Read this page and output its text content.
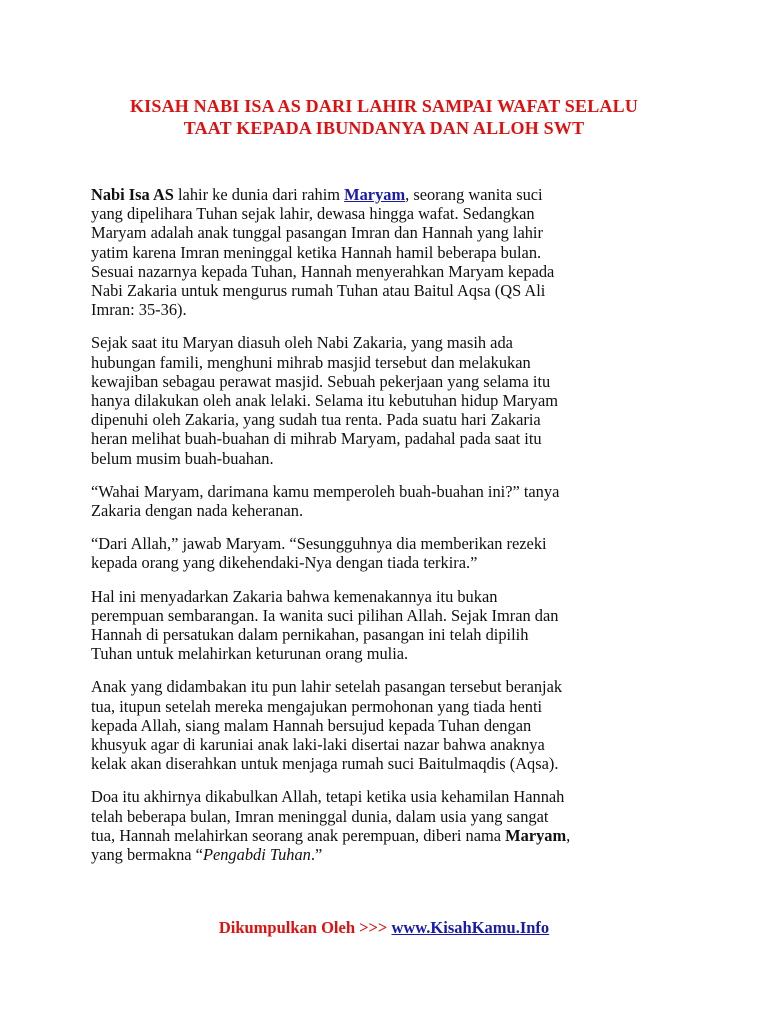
KISAH NABI ISA AS DARI LAHIR SAMPAI WAFAT SELALU
TAAT KEPADA IBUNDANYA DAN ALLOH SWT
Nabi Isa AS lahir ke dunia dari rahim Maryam, seorang wanita suci
yang dipelihara Tuhan sejak lahir, dewasa hingga wafat. Sedangkan
Maryam adalah anak tunggal pasangan Imran dan Hannah yang lahir
yatim karena Imran meninggal ketika Hannah hamil beberapa bulan.
Sesuai nazarnya kepada Tuhan, Hannah menyerahkan Maryam kepada
Nabi Zakaria untuk mengurus rumah Tuhan atau Baitul Aqsa (QS Ali
Imran: 35-36).
Sejak saat itu Maryan diasuh oleh Nabi Zakaria, yang masih ada
hubungan famili, menghuni mihrab masjid tersebut dan melakukan
kewajiban sebagau perawat masjid. Sebuah pekerjaan yang selama itu
hanya dilakukan oleh anak lelaki. Selama itu kebutuhan hidup Maryam
dipenuhi oleh Zakaria, yang sudah tua renta. Pada suatu hari Zakaria
heran melihat buah-buahan di mihrab Maryam, padahal pada saat itu
belum musim buah-buahan.
“Wahai Maryam, darimana kamu memperoleh buah-buahan ini?” tanya
Zakaria dengan nada keheranan.
“Dari Allah,” jawab Maryam. “Sesungguhnya dia memberikan rezeki
kepada orang yang dikehendaki-Nya dengan tiada terkira.”
Hal ini menyadarkan Zakaria bahwa kemenakannya itu bukan
perempuan sembarangan. Ia wanita suci pilihan Allah. Sejak Imran dan
Hannah di persatukan dalam pernikahan, pasangan ini telah dipilih
Tuhan untuk melahirkan keturunan orang mulia.
Anak yang didambakan itu pun lahir setelah pasangan tersebut beranjak
tua, itupun setelah mereka mengajukan permohonan yang tiada henti
kepada Allah, siang malam Hannah bersujud kepada Tuhan dengan
khusyuk agar di karuniai anak laki-laki disertai nazar bahwa anaknya
kelak akan diserahkan untuk menjaga rumah suci Baitulmaqdis (Aqsa).
Doa itu akhirnya dikabulkan Allah, tetapi ketika usia kehamilan Hannah
telah beberapa bulan, Imran meninggal dunia, dalam usia yang sangat
tua, Hannah melahirkan seorang anak perempuan, diberi nama Maryam,
yang bermakna “Pengabdi Tuhan.”
Dikumpulkan Oleh >>> www.KisahKamu.Info
